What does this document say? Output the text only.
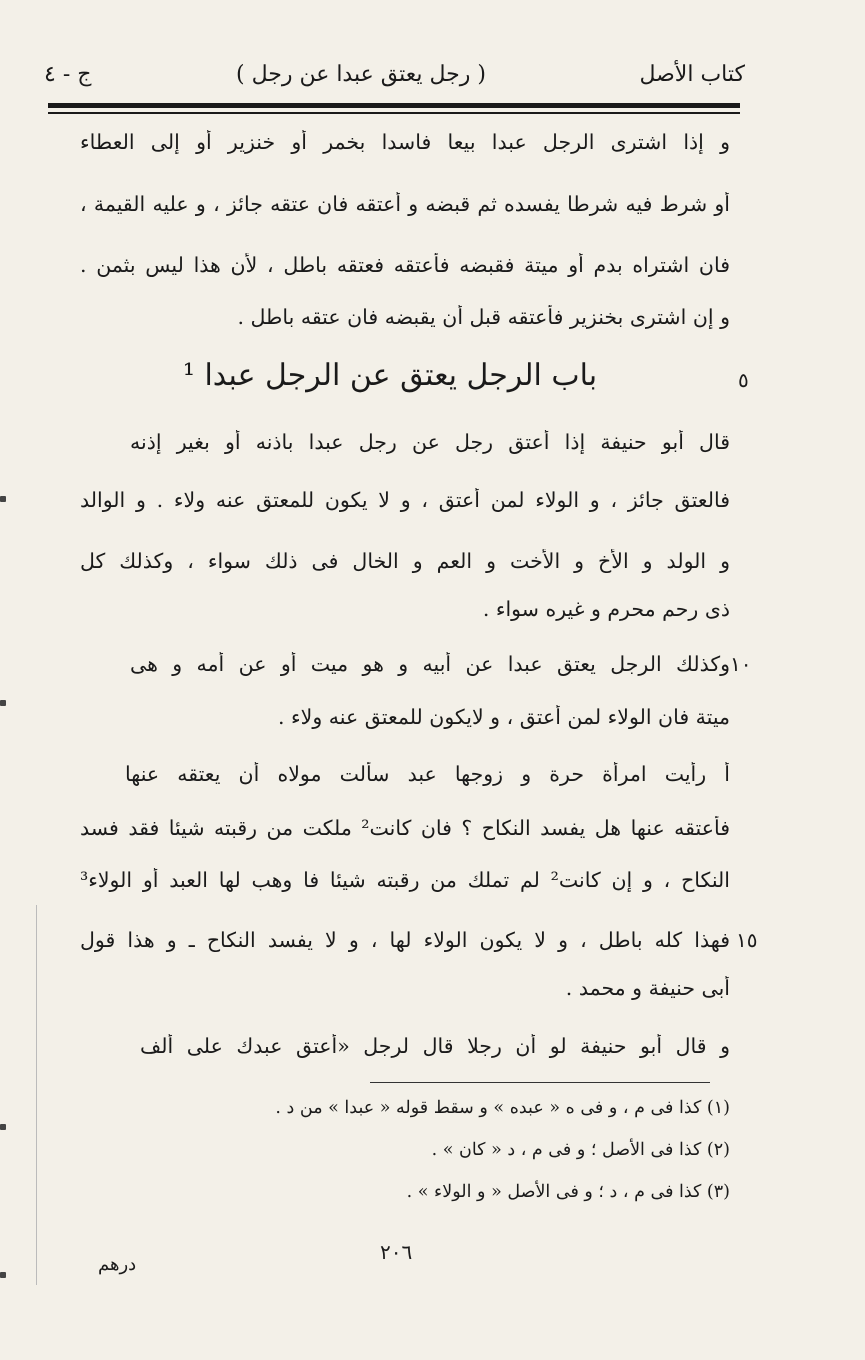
كتاب الأصل
( رجل يعتق عبدا عن رجل )
ج - ٤
و إذا اشترى الرجل عبدا بيعا فاسدا بخمر أو خنزير أو إلى العطاء
أو شرط فيه شرطا يفسده ثم قبضه و أعتقه فان عتقه جائز ، و عليه القيمة ،
فان اشتراه بدم أو ميتة فقبضه فأعتقه فعتقه باطل ، لأن هذا ليس بثمن .
و إن اشترى بخنزير فأعتقه قبل أن يقبضه فان عتقه باطل .
٥
باب الرجل يعتق عن الرجل عبدا ¹
قال أبو حنيفة إذا أعتق رجل عن رجل عبدا باذنه أو بغير إذنه
فالعتق جائز ، و الولاء لمن أعتق ، و لا يكون للمعتق عنه ولاء . و الوالد
و الولد و الأخ و الأخت و العم و الخال فى ذلك سواء ، وكذلك كل
ذى رحم محرم و غيره سواء .
١٠
وكذلك الرجل يعتق عبدا عن أبيه و هو ميت أو عن أمه و هى
ميتة فان الولاء لمن أعتق ، و لايكون للمعتق عنه ولاء .
أ رأيت امرأة حرة و زوجها عبد سألت مولاه أن يعتقه عنها
فأعتقه عنها هل يفسد النكاح ؟ فان كانت² ملكت من رقبته شيئا فقد فسد
النكاح ، و إن كانت² لم تملك من رقبته شيئا فا وهب لها العبد أو الولاء³
١٥
فهذا كله باطل ، و لا يكون الولاء لها ، و لا يفسد النكاح ـ و هذا قول
أبى حنيفة و محمد .
و قال أبو حنيفة لو أن رجلا قال لرجل «أعتق عبدك على ألف
(١) كذا فى م ، و فى ه « عبده » و سقط قوله « عبدا » من د .
(٢) كذا فى الأصل ؛ و فى م ، د « كان » .
(٣) كذا فى م ، د ؛ و فى الأصل « و الولاء » .
٢٠٦
درهم
